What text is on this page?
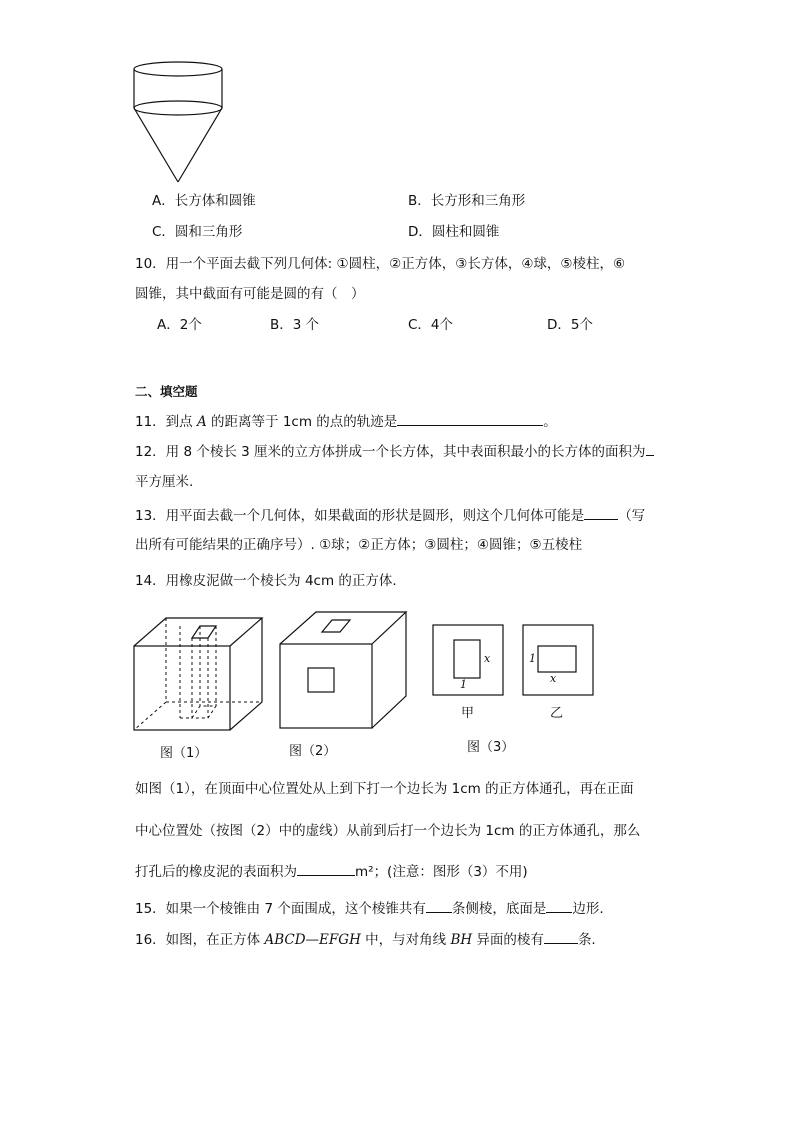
A．长方体和圆锥	B．长方形和三角形
C．圆和三角形	D．圆柱和圆锥
10．用一个平面去截下列几何体: ①圆柱，②正方体，③长方体，④球，⑤棱柱，⑥
圆锥，其中截面有可能是圆的有（　）
A．2个	B．3 个	C．4个	D．5个
二、填空题
11．到点 A 的距离等于 1cm 的点的轨迹是	。
12．用 8 个棱长 3 厘米的立方体拼成一个长方体，其中表面积最小的长方体的面积为
平方厘米.
13．用平面去截一个几何体，如果截面的形状是圆形，则这个几何体可能是	（写
出所有可能结果的正确序号）. ①球；②正方体；③圆柱；④圆锥；⑤五棱柱
14．用橡皮泥做一个棱长为 4cm 的正方体.
图（1）	图（2）
x
1
甲
1
x
乙
图（3）
如图（1），在顶面中心位置处从上到下打一个边长为 1cm 的正方体通孔，再在正面
中心位置处（按图（2）中的虚线）从前到后打一个边长为 1cm 的正方体通孔，那么
打孔后的橡皮泥的表面积为	m²；(注意：图形（3）不用)
15．如果一个棱锥由 7 个面围成，这个棱锥共有 条侧棱，底面是 边形.
16．如图，在正方体 ABCD—EFGH 中，与对角线 BH 异面的棱有	条.
